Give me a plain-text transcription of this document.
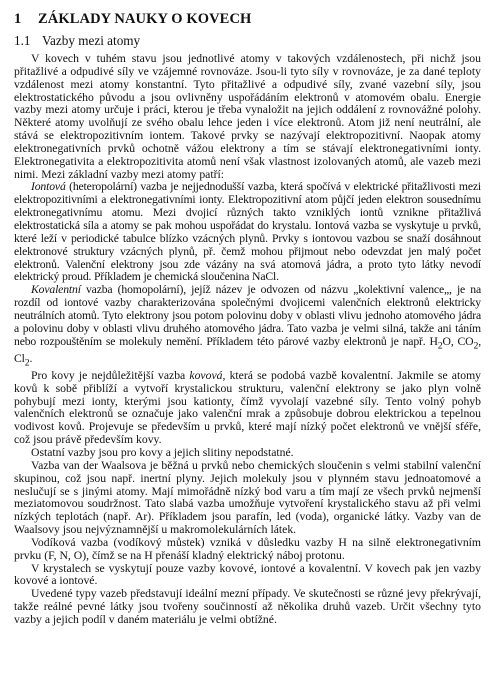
1 ZÁKLADY NAUKY O KOVECH
1.1 Vazby mezi atomy

V kovech v tuhém stavu jsou jednotlivé atomy v takových vzdálenostech, při nichž jsou přitažlivé a odpudivé síly ve vzájemné rovnováze. Jsou-li tyto síly v rovnováze, je za dané teploty vzdálenost mezi atomy konstantní. Tyto přitažlivé a odpudivé síly, zvané vazební síly, jsou elektrostatického původu a jsou ovlivněny uspořádáním elektronů v atomovém obalu. Energie vazby mezi atomy určuje i práci, kterou je třeba vynaložit na jejich oddálení z rovnovážné polohy. Některé atomy uvolňují ze svého obalu lehce jeden i více elektronů. Atom již není neutrální, ale stává se elektropozitivním iontem. Takové prvky se nazývají elektropozitivní. Naopak atomy elektronegativních prvků ochotně vážou elektrony a tím se stávají elektronegativními ionty. Elektronegativita a elektropozitivita atomů není však vlastnost izolovaných atomů, ale vazeb mezi nimi. Mezi základní vazby mezi atomy patří:

Iontová (heteropolární) vazba je nejjednodušší vazba, která spočívá v elektrické přitažlivosti mezi elektropozitivními a elektronegativními ionty. Elektropozitivní atom půjčí jeden elektron sousednímu elektronegativnímu atomu. Mezi dvojicí různých takto vzniklých iontů vznikne přitažlivá elektrostatická síla a atomy se pak mohou uspořádat do krystalu. Iontová vazba se vyskytuje u prvků, které leží v periodické tabulce blízko vzácných plynů. Prvky s iontovou vazbou se snaží dosáhnout elektronové struktury vzácných plynů, př. čemž mohou přijmout nebo odevzdat jen malý počet elektronů. Valenční elektrony jsou zde vázány na svá atomová jádra, a proto tyto látky nevodí elektrický proud. Příkladem je chemická sloučenina NaCl.

Kovalentní vazba (homopolární), jejíž název je odvozen od názvu „kolektivní valence„, je na rozdíl od iontové vazby charakterizována společnými dvojicemi valenčních elektronů elektricky neutrálních atomů. Tyto elektrony jsou potom polovinu doby v oblasti vlivu jednoho atomového jádra a polovinu doby v oblasti vlivu druhého atomového jádra. Tato vazba je velmi silná, takže ani táním nebo rozpouštěním se molekuly nemění. Příkladem této párové vazby elektronů je např. $H_2O$, $CO_2$, $Cl_2$.

Pro kovy je nejdůležitější vazba kovová, která se podobá vazbě kovalentní. Jakmile se atomy kovů k sobě přiblíží a vytvoří krystalickou strukturu, valenční elektrony se jako plyn volně pohybují mezi ionty, kterými jsou kationty, čímž vyvolají vazebné síly. Tento volný pohyb valenčních elektronů se označuje jako valenční mrak a způsobuje dobrou elektrickou a tepelnou vodivost kovů. Projevuje se především u prvků, které mají nízký počet elektronů ve vnější sféře, což jsou právě především kovy.

Ostatní vazby jsou pro kovy a jejich slitiny nepodstatné.

Vazba van der Waalsova je běžná u prvků nebo chemických sloučenin s velmi stabilní valenční skupinou, což jsou např. inertní plyny. Jejich molekuly jsou v plynném stavu jednoatomové a neslučují se s jinými atomy. Mají mimořádně nízký bod varu a tím mají ze všech prvků nejmenší meziatomovou soudržnost. Tato slabá vazba umožňuje vytvoření krystalického stavu až při velmi nízkých teplotách (např. Ar). Příkladem jsou parafín, led (voda), organické látky. Vazby van de Waalsovy jsou nejvýznamnější u makromolekulárních látek.

Vodíková vazba (vodíkový můstek) vzniká v důsledku vazby H na silně elektronegativním prvku (F, N, O), čímž se na H přenáší kladný elektrický náboj protonu.

V krystalech se vyskytují pouze vazby kovové, iontové a kovalentní. V kovech pak jen vazby kovové a iontové.

Uvedené typy vazeb představují ideální mezní případy. Ve skutečnosti se různé jevy překrývají, takže reálné pevné látky jsou tvořeny součinností až několika druhů vazeb. Určit všechny tyto vazby a jejich podíl v daném materiálu je velmi obtížné.
